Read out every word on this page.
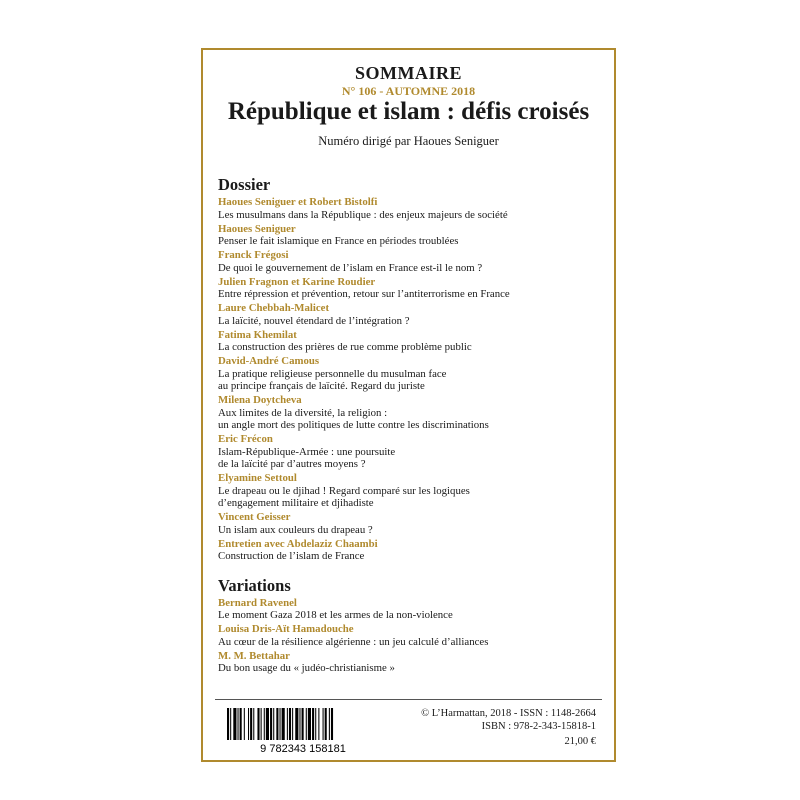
SOMMAIRE
N° 106 - AUTOMNE 2018
République et islam : défis croisés
Numéro dirigé par Haoues Seniguer
Dossier
Haoues Seniguer et Robert Bistolfi
Les musulmans dans la République : des enjeux majeurs de société
Haoues Seniguer
Penser le fait islamique en France en périodes troublées
Franck Frégosi
De quoi le gouvernement de l’islam en France est-il le nom ?
Julien Fragnon et Karine Roudier
Entre répression et prévention, retour sur l’antiterrorisme en France
Laure Chebbah-Malicet
La laïcité, nouvel étendard de l’intégration ?
Fatima Khemilat
La construction des prières de rue comme problème public
David-André Camous
La pratique religieuse personnelle du musulman face
au principe français de laïcité. Regard du juriste
Milena Doytcheva
Aux limites de la diversité, la religion :
un angle mort des politiques de lutte contre les discriminations
Eric Frécon
Islam-République-Armée : une poursuite
de la laïcité par d’autres moyens ?
Elyamine Settoul
Le drapeau ou le djihad ! Regard comparé sur les logiques
d’engagement militaire et djihadiste
Vincent Geisser
Un islam aux couleurs du drapeau ?
Entretien avec Abdelaziz Chaambi
Construction de l’islam de France
Variations
Bernard Ravenel
Le moment Gaza 2018 et les armes de la non-violence
Louisa Dris-Aït Hamadouche
Au cœur de la résilience algérienne : un jeu calculé d’alliances
M. M. Bettahar
Du bon usage du « judéo-christianisme »
9 782343 158181
© L’Harmattan, 2018 - ISSN : 1148-2664
ISBN : 978-2-343-15818-1
21,00 €
